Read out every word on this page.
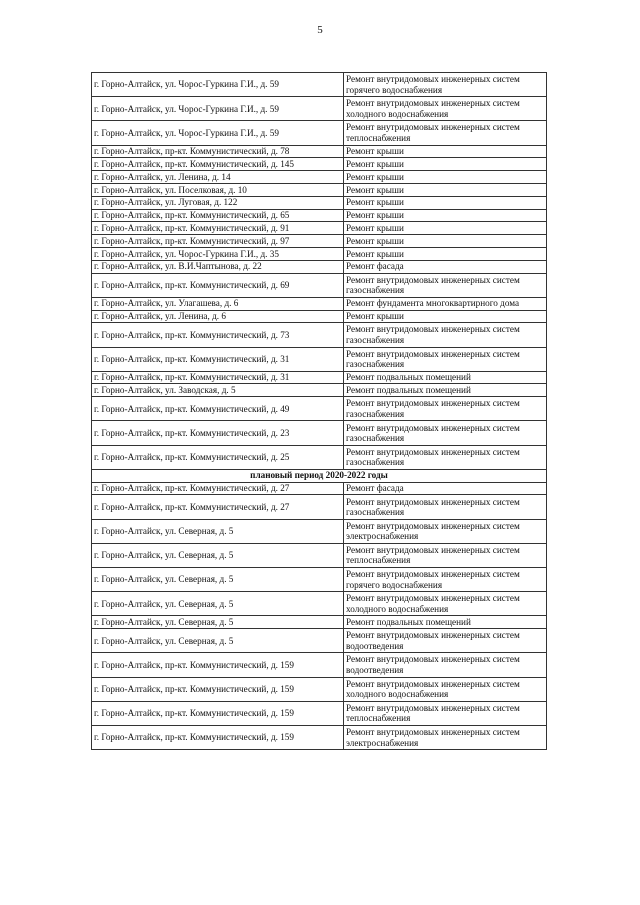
5
г. Горно-Алтайск, ул. Чорос-Гуркина Г.И., д. 59	Ремонт внутридомовых инженерных систем горячего водоснабжения
г. Горно-Алтайск, ул. Чорос-Гуркина Г.И., д. 59	Ремонт внутридомовых инженерных систем холодного водоснабжения
г. Горно-Алтайск, ул. Чорос-Гуркина Г.И., д. 59	Ремонт внутридомовых инженерных систем теплоснабжения
г. Горно-Алтайск, пр-кт. Коммунистический, д. 78	Ремонт крыши
г. Горно-Алтайск, пр-кт. Коммунистический, д. 145	Ремонт крыши
г. Горно-Алтайск, ул. Ленина, д. 14	Ремонт крыши
г. Горно-Алтайск, ул. Поселковая, д. 10	Ремонт крыши
г. Горно-Алтайск, ул. Луговая, д. 122	Ремонт крыши
г. Горно-Алтайск, пр-кт. Коммунистический, д. 65	Ремонт крыши
г. Горно-Алтайск, пр-кт. Коммунистический, д. 91	Ремонт крыши
г. Горно-Алтайск, пр-кт. Коммунистический, д. 97	Ремонт крыши
г. Горно-Алтайск, ул. Чорос-Гуркина Г.И., д. 35	Ремонт крыши
г. Горно-Алтайск, ул. В.И.Чаптынова, д. 22	Ремонт фасада
г. Горно-Алтайск, пр-кт. Коммунистический, д. 69	Ремонт внутридомовых инженерных систем газоснабжения
г. Горно-Алтайск, ул. Улагашева, д. 6	Ремонт фундамента многоквартирного дома
г. Горно-Алтайск, ул. Ленина, д. 6	Ремонт крыши
г. Горно-Алтайск, пр-кт. Коммунистический, д. 73	Ремонт внутридомовых инженерных систем газоснабжения
г. Горно-Алтайск, пр-кт. Коммунистический, д. 31	Ремонт внутридомовых инженерных систем газоснабжения
г. Горно-Алтайск, пр-кт. Коммунистический, д. 31	Ремонт подвальных помещений
г. Горно-Алтайск, ул. Заводская, д. 5	Ремонт подвальных помещений
г. Горно-Алтайск, пр-кт. Коммунистический, д. 49	Ремонт внутридомовых инженерных систем газоснабжения
г. Горно-Алтайск, пр-кт. Коммунистический, д. 23	Ремонт внутридомовых инженерных систем газоснабжения
г. Горно-Алтайск, пр-кт. Коммунистический, д. 25	Ремонт внутридомовых инженерных систем газоснабжения
плановый период 2020-2022 годы	
г. Горно-Алтайск, пр-кт. Коммунистический, д. 27	Ремонт фасада
г. Горно-Алтайск, пр-кт. Коммунистический, д. 27	Ремонт внутридомовых инженерных систем газоснабжения
г. Горно-Алтайск, ул. Северная, д. 5	Ремонт внутридомовых инженерных систем электроснабжения
г. Горно-Алтайск, ул. Северная, д. 5	Ремонт внутридомовых инженерных систем теплоснабжения
г. Горно-Алтайск, ул. Северная, д. 5	Ремонт внутридомовых инженерных систем горячего водоснабжения
г. Горно-Алтайск, ул. Северная, д. 5	Ремонт внутридомовых инженерных систем холодного водоснабжения
г. Горно-Алтайск, ул. Северная, д. 5	Ремонт подвальных помещений
г. Горно-Алтайск, ул. Северная, д. 5	Ремонт внутридомовых инженерных систем водоотведения
г. Горно-Алтайск, пр-кт. Коммунистический, д. 159	Ремонт внутридомовых инженерных систем водоотведения
г. Горно-Алтайск, пр-кт. Коммунистический, д. 159	Ремонт внутридомовых инженерных систем холодного водоснабжения
г. Горно-Алтайск, пр-кт. Коммунистический, д. 159	Ремонт внутридомовых инженерных систем теплоснабжения
г. Горно-Алтайск, пр-кт. Коммунистический, д. 159	Ремонт внутридомовых инженерных систем электроснабжения
